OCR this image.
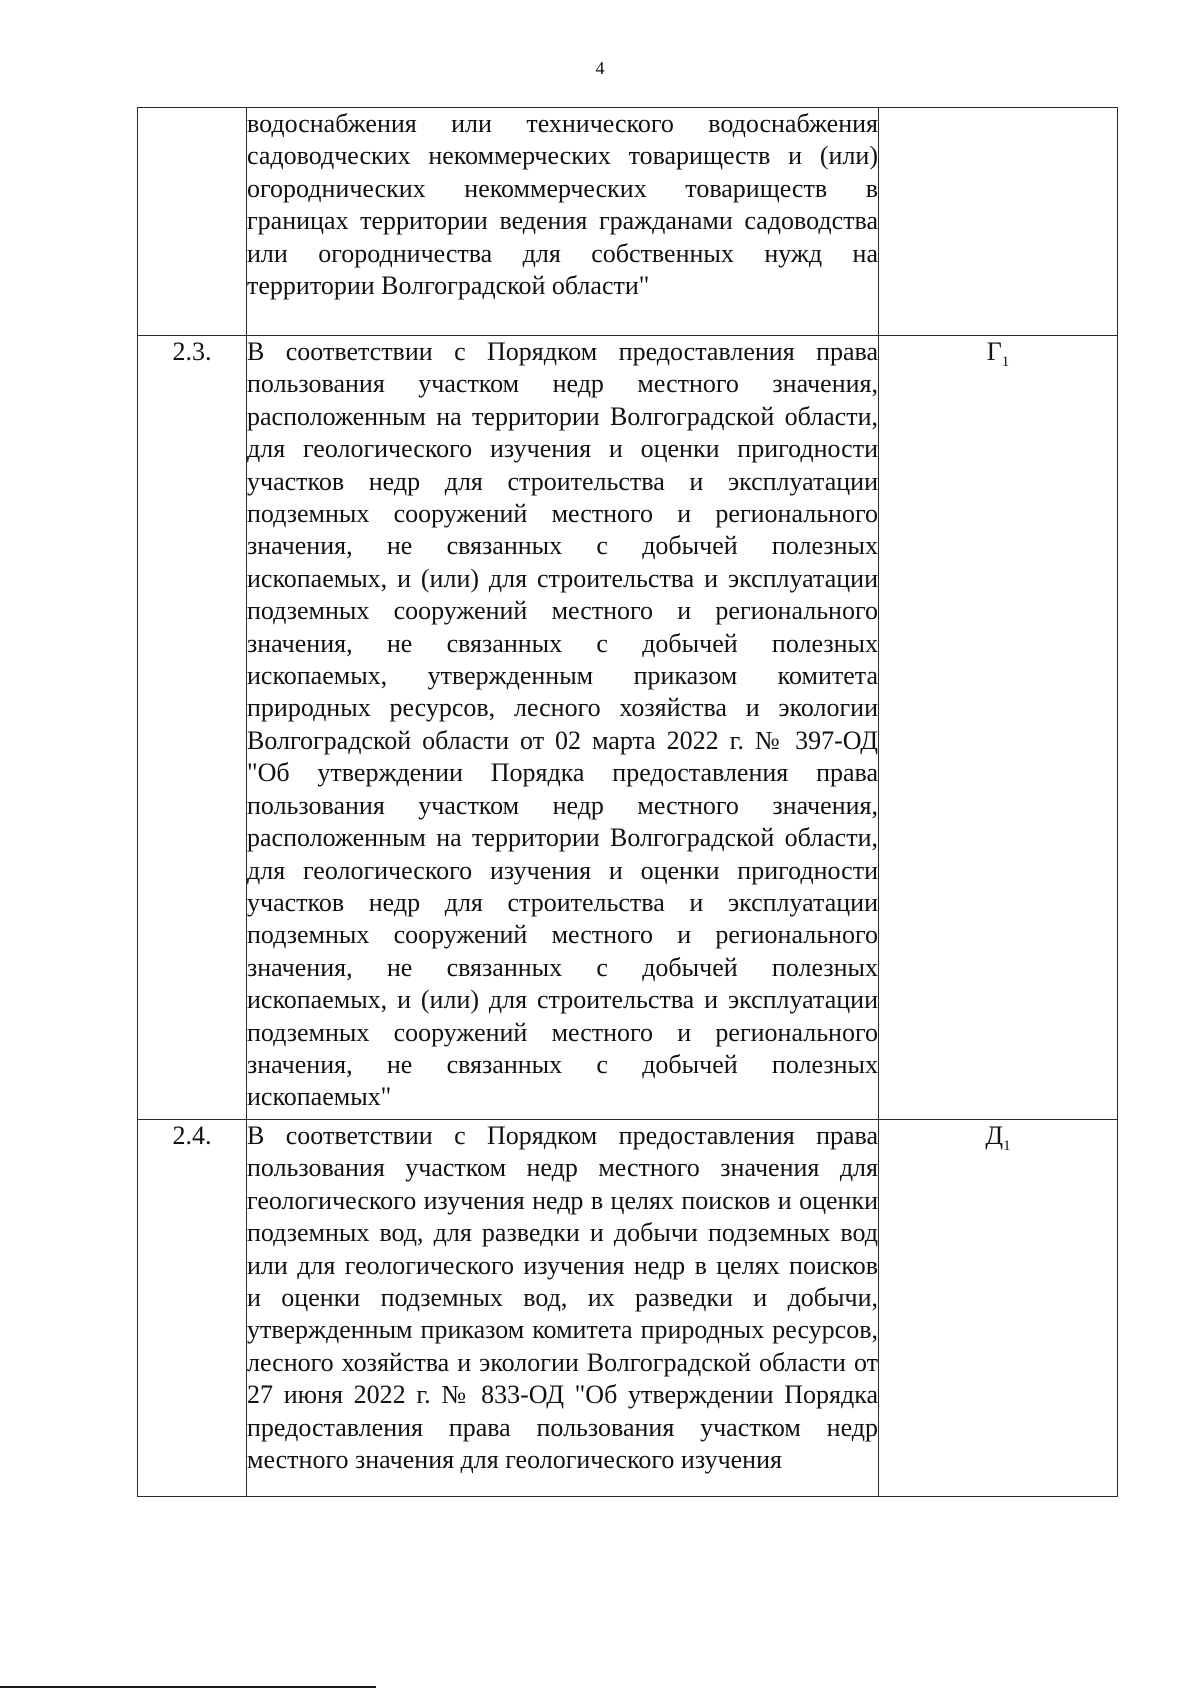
4
	водоснабжения или технического водоснабжения садоводческих некоммерческих товариществ и (или) огороднических некоммерческих товариществ в границах территории ведения гражданами садоводства или огородничества для собственных нужд на территории Волгоградской области"	
2.3.	В соответствии с Порядком предоставления права пользования участком недр местного значения, расположенным на территории Волгоградской области, для геологического изучения и оценки пригодности участков недр для строительства и эксплуатации подземных сооружений местного и регионального значения, не связанных с добычей полезных ископаемых, и (или) для строительства и эксплуатации подземных сооружений местного и регионального значения, не связанных с добычей полезных ископаемых, утвержденным приказом комитета природных ресурсов, лесного хозяйства и экологии Волгоградской области от 02 марта 2022 г. № 397-ОД "Об утверждении Порядка предоставления права пользования участком недр местного значения, расположенным на территории Волгоградской области, для геологического изучения и оценки пригодности участков недр для строительства и эксплуатации подземных сооружений местного и регионального значения, не связанных с добычей полезных ископаемых, и (или) для строительства и эксплуатации подземных сооружений местного и регионального значения, не связанных с добычей полезных ископаемых"	$Г_1$
2.4.	В соответствии с Порядком предоставления права пользования участком недр местного значения для геологического изучения недр в целях поисков и оценки подземных вод, для разведки и добычи подземных вод или для геологического изучения недр в целях поисков и оценки подземных вод, их разведки и добычи, утвержденным приказом комитета природных ресурсов, лесного хозяйства и экологии Волгоградской области от 27 июня 2022 г. № 833-ОД "Об утверждении Порядка предоставления права пользования участком недр местного значения для геологического изучения	$Д_1$
